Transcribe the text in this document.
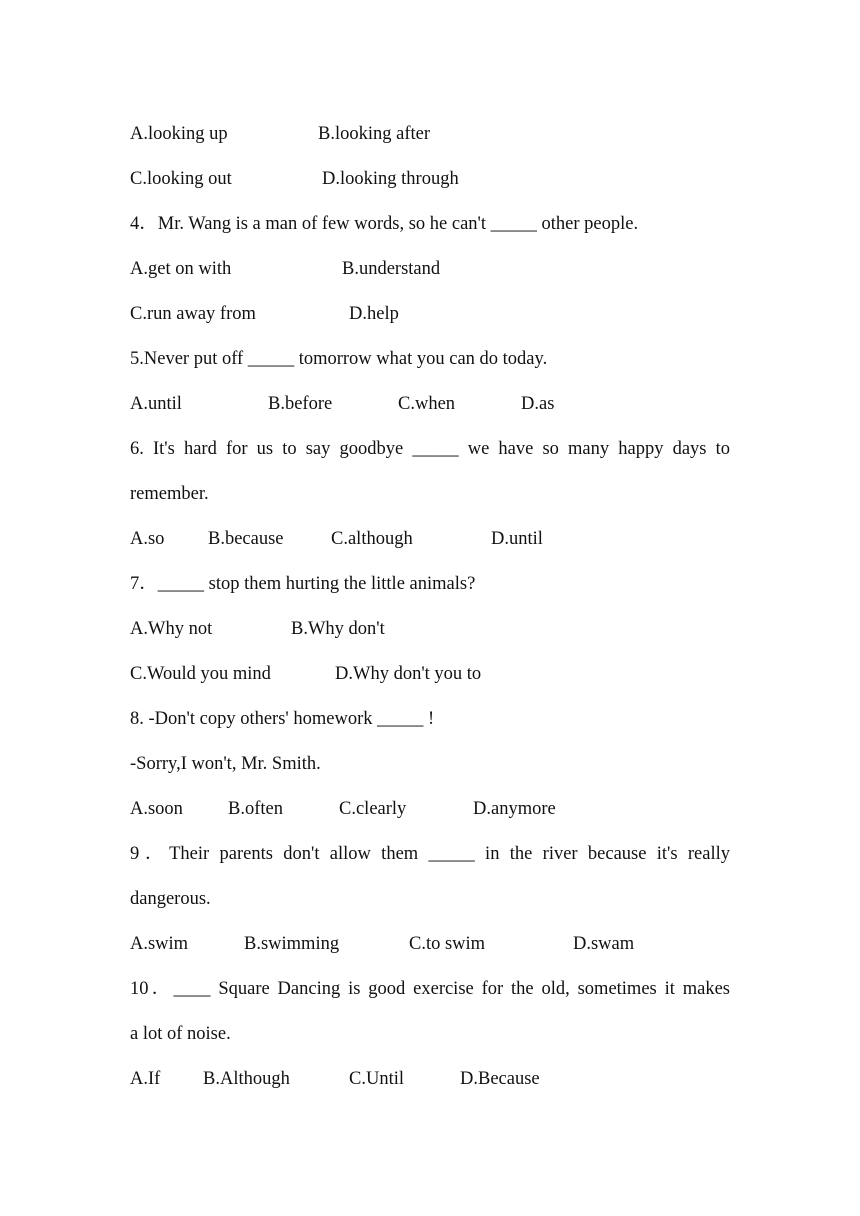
A.looking up	B.looking after
C.looking out	D.looking through
4．Mr. Wang is a man of few words, so he can't _____ other people.
A.get on with	B.understand
C.run away from	D.help
5.Never put off _____ tomorrow what you can do today.
A.until	B.before	C.when	D.as
6. It's hard for us to say goodbye _____ we have so many happy days to
remember.
A.so B.because	C.although	D.until
7．_____ stop them hurting the little animals?
A.Why not	B.Why don't
C.Would you mind	D.Why don't you to
8. -Don't copy others' homework _____ !
-Sorry,I won't, Mr. Smith.
A.soon B.often	C.clearly	D.anymore
9．Their parents don't allow them _____ in the river because it's really
dangerous.
A.swim	B.swimming	C.to swim	D.swam
10．____ Square Dancing is good exercise for the old, sometimes it makes
a lot of noise.
A.If B.Although	C.Until	D.Because
